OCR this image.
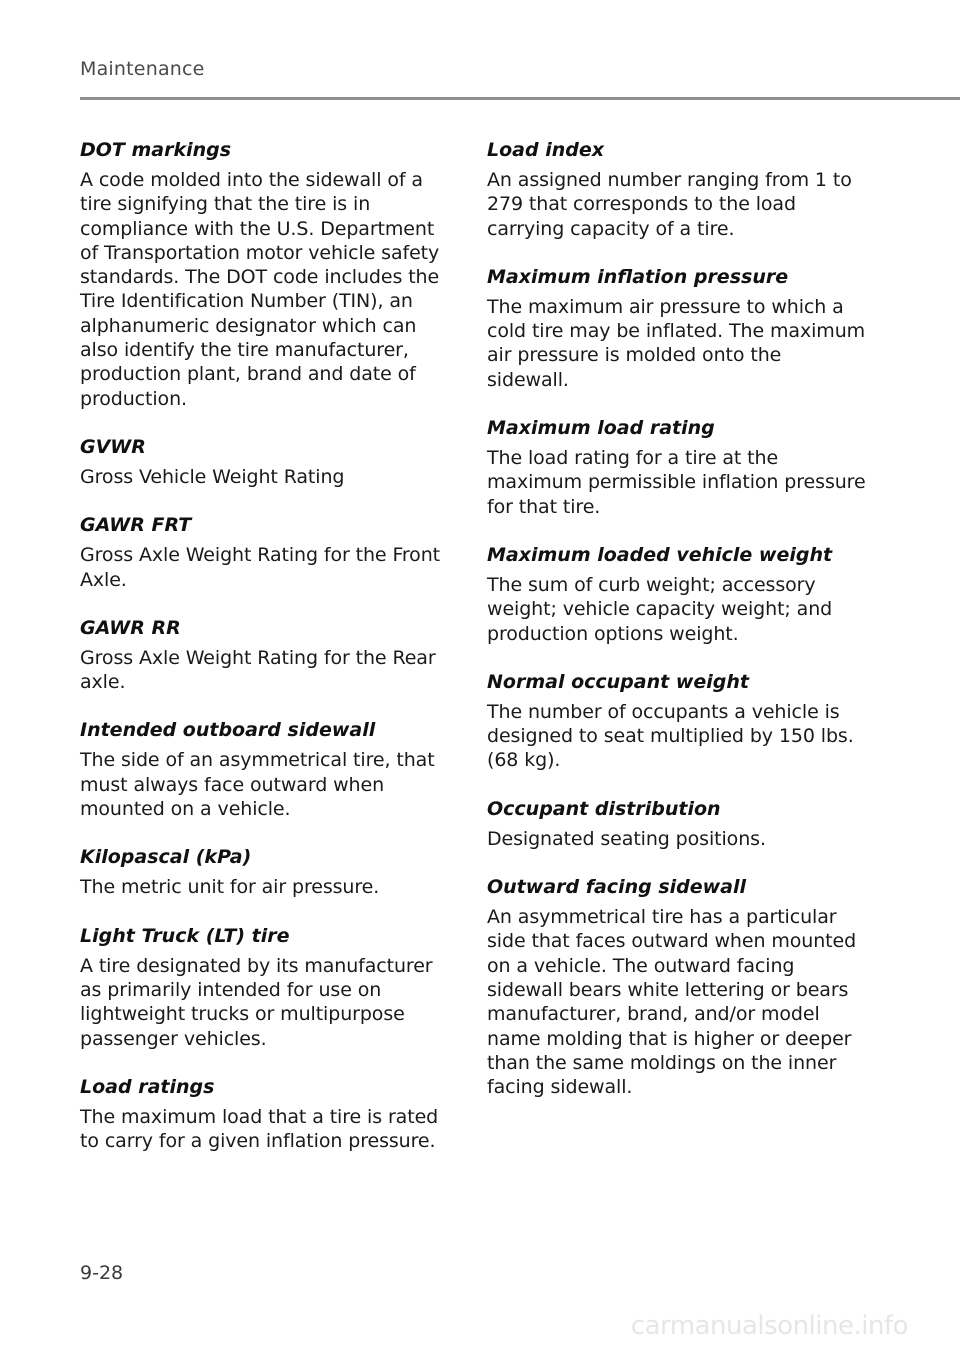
Maintenance
DOT markings
A code molded into the sidewall of a tire signifying that the tire is in compliance with the U.S. Department of Transportation motor vehicle safety standards. The DOT code includes the Tire Identification Number (TIN), an alphanumeric designator which can also identify the tire manufacturer, production plant, brand and date of production.
GVWR
Gross Vehicle Weight Rating
GAWR FRT
Gross Axle Weight Rating for the Front Axle.
GAWR RR
Gross Axle Weight Rating for the Rear axle.
Intended outboard sidewall
The side of an asymmetrical tire, that must always face outward when mounted on a vehicle.
Kilopascal (kPa)
The metric unit for air pressure.
Light Truck (LT) tire
A tire designated by its manufacturer as primarily intended for use on lightweight trucks or multipurpose passenger vehicles.
Load ratings
The maximum load that a tire is rated to carry for a given inflation pressure.
Load index
An assigned number ranging from 1 to 279 that corresponds to the load carrying capacity of a tire.
Maximum inflation pressure
The maximum air pressure to which a cold tire may be inflated. The maximum air pressure is molded onto the sidewall.
Maximum load rating
The load rating for a tire at the maximum permissible inflation pressure for that tire.
Maximum loaded vehicle weight
The sum of curb weight; accessory weight; vehicle capacity weight; and production options weight.
Normal occupant weight
The number of occupants a vehicle is designed to seat multiplied by 150 lbs. (68 kg).
Occupant distribution
Designated seating positions.
Outward facing sidewall
An asymmetrical tire has a particular side that faces outward when mounted on a vehicle. The outward facing sidewall bears white lettering or bears manufacturer, brand, and/or model name molding that is higher or deeper than the same moldings on the inner facing sidewall.
9-28
carmanualsonline.info
